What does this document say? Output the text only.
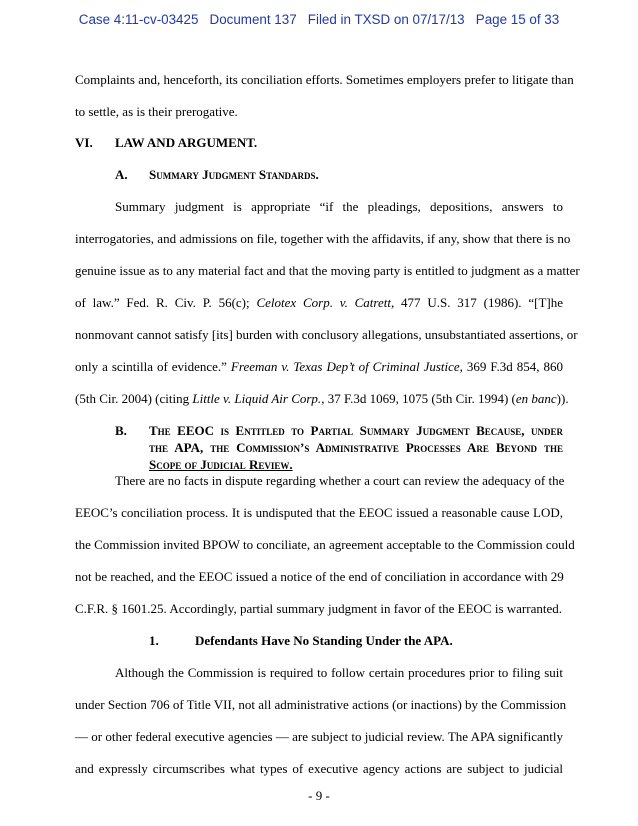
Case 4:11-cv-03425   Document 137   Filed in TXSD on 07/17/13   Page 15 of 33
Complaints and, henceforth, its conciliation efforts. Sometimes employers prefer to litigate than
to settle, as is their prerogative.
VI. LAW AND ARGUMENT.
A. Summary Judgment Standards.
Summary judgment is appropriate “if the pleadings, depositions, answers to
interrogatories, and admissions on file, together with the affidavits, if any, show that there is no
genuine issue as to any material fact and that the moving party is entitled to judgment as a matter
of law.” Fed. R. Civ. P. 56(c); Celotex Corp. v. Catrett, 477 U.S. 317 (1986). “[T]he
nonmovant cannot satisfy [its] burden with conclusory allegations, unsubstantiated assertions, or
only a scintilla of evidence.” Freeman v. Texas Dep’t of Criminal Justice, 369 F.3d 854, 860
(5th Cir. 2004) (citing Little v. Liquid Air Corp., 37 F.3d 1069, 1075 (5th Cir. 1994) (en banc)).
B.	The EEOC is Entitled to Partial Summary Judgment Because, under
the APA, the Commission’s Administrative Processes Are Beyond the
Scope of Judicial Review.
There are no facts in dispute regarding whether a court can review the adequacy of the
EEOC’s conciliation process. It is undisputed that the EEOC issued a reasonable cause LOD,
the Commission invited BPOW to conciliate, an agreement acceptable to the Commission could
not be reached, and the EEOC issued a notice of the end of conciliation in accordance with 29
C.F.R. § 1601.25. Accordingly, partial summary judgment in favor of the EEOC is warranted.
1.	Defendants Have No Standing Under the APA.
Although the Commission is required to follow certain procedures prior to filing suit
under Section 706 of Title VII, not all administrative actions (or inactions) by the Commission
— or other federal executive agencies — are subject to judicial review. The APA significantly
and expressly circumscribes what types of executive agency actions are subject to judicial
- 9 -
